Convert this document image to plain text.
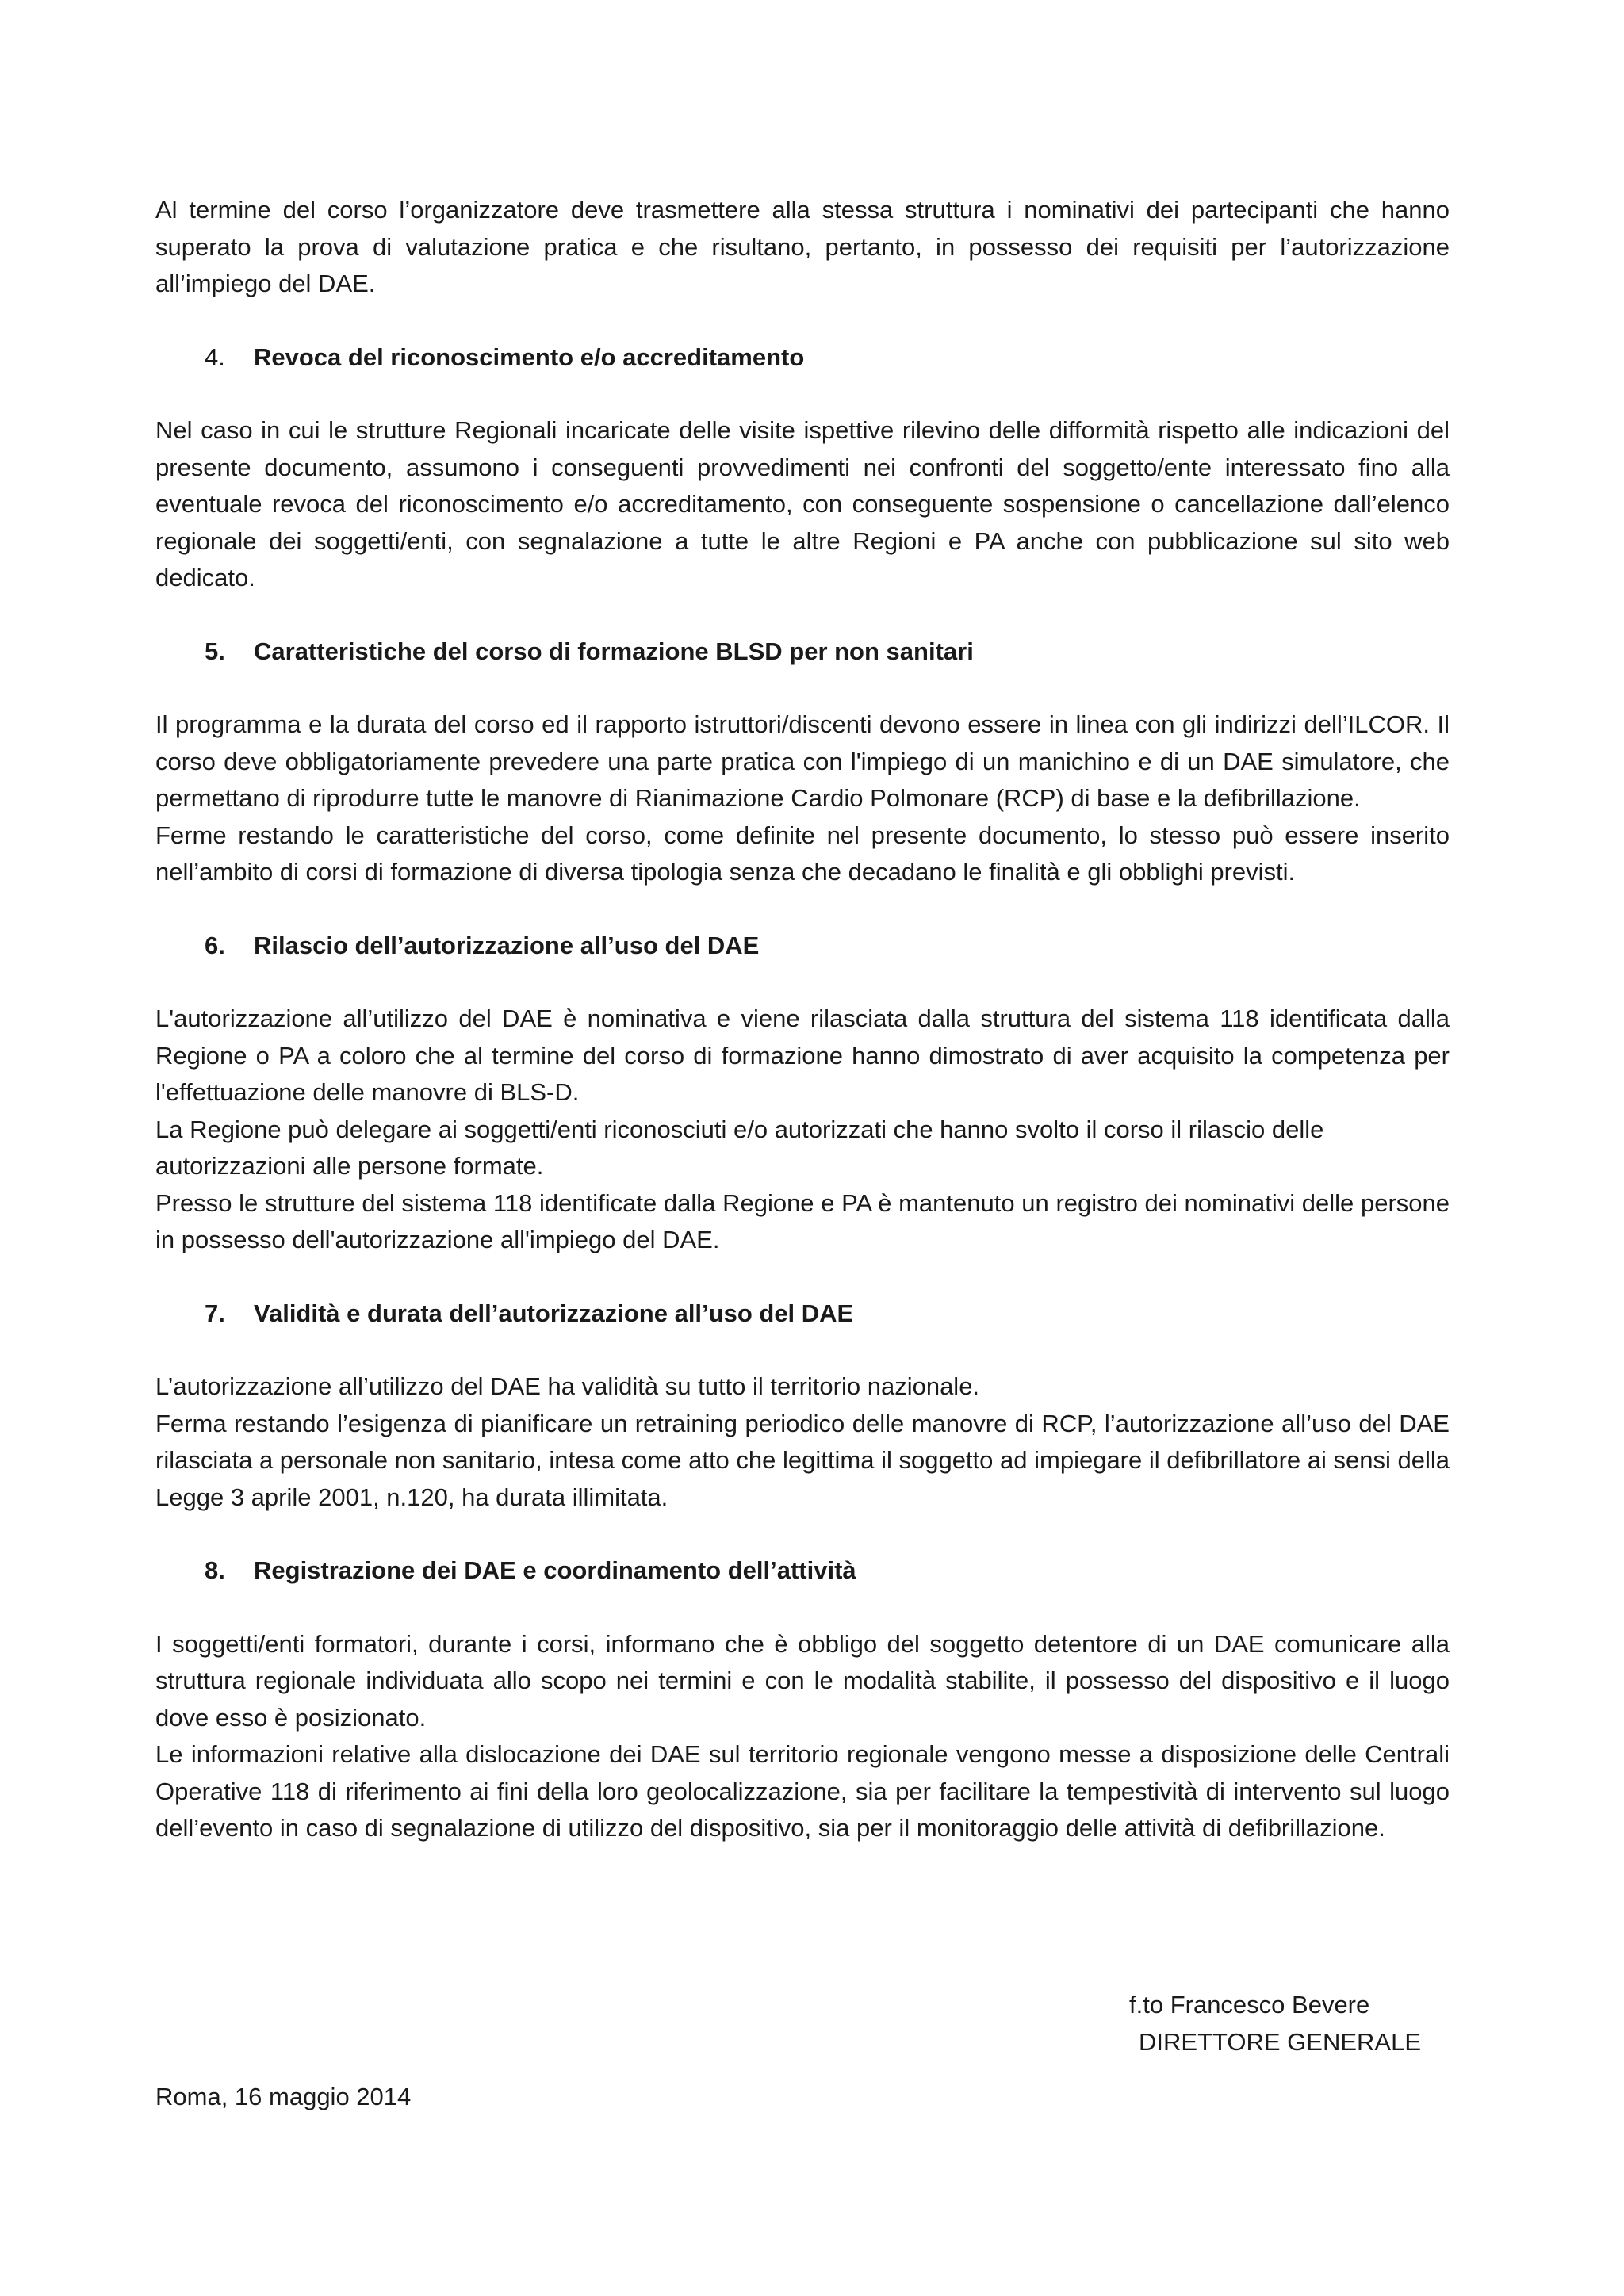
Al termine del corso l’organizzatore deve trasmettere alla stessa struttura i nominativi dei partecipanti che hanno superato la prova di valutazione pratica e che risultano, pertanto, in possesso dei requisiti per l’autorizzazione all’impiego del DAE.

4. Revoca del riconoscimento e/o accreditamento

Nel caso in cui le strutture Regionali incaricate delle visite ispettive rilevino delle difformità rispetto alle indicazioni del presente documento, assumono i conseguenti provvedimenti nei confronti del soggetto/ente interessato fino alla eventuale revoca del riconoscimento e/o accreditamento, con conseguente sospensione o cancellazione dall’elenco regionale dei soggetti/enti, con segnalazione a tutte le altre Regioni e PA anche con pubblicazione sul sito web dedicato.

5. Caratteristiche del corso di formazione BLSD per non sanitari

Il programma e la durata del corso ed il rapporto istruttori/discenti devono essere in linea con gli indirizzi dell’ILCOR. Il corso deve obbligatoriamente prevedere una parte pratica con l'impiego di un manichino e di un DAE simulatore, che permettano di riprodurre tutte le manovre di Rianimazione Cardio Polmonare (RCP) di base e la defibrillazione.

Ferme restando le caratteristiche del corso, come definite nel presente documento, lo stesso può essere inserito nell’ambito di corsi di formazione di diversa tipologia senza che decadano le finalità e gli obblighi previsti.

6. Rilascio dell’autorizzazione all’uso del DAE

L'autorizzazione all’utilizzo del DAE è nominativa e viene rilasciata dalla struttura del sistema 118 identificata dalla Regione o PA a coloro che al termine del corso di formazione hanno dimostrato di aver acquisito la competenza per l'effettuazione delle manovre di BLS-D.

La Regione può delegare ai soggetti/enti riconosciuti e/o autorizzati che hanno svolto il corso il rilascio delle autorizzazioni alle persone formate.

Presso le strutture del sistema 118 identificate dalla Regione e PA è mantenuto un registro dei nominativi delle persone in possesso dell'autorizzazione all'impiego del DAE.

7. Validità e durata dell’autorizzazione all’uso del DAE

L’autorizzazione all’utilizzo del DAE ha validità su tutto il territorio nazionale.

Ferma restando l’esigenza di pianificare un retraining periodico delle manovre di RCP, l’autorizzazione all’uso del DAE rilasciata a personale non sanitario, intesa come atto che legittima il soggetto ad impiegare il defibrillatore ai sensi della Legge 3 aprile 2001, n.120, ha durata illimitata.

8. Registrazione dei DAE e coordinamento dell’attività

I soggetti/enti formatori, durante i corsi, informano che è obbligo del soggetto detentore di un DAE comunicare alla struttura regionale individuata allo scopo nei termini e con le modalità stabilite, il possesso del dispositivo e il luogo dove esso è posizionato.

Le informazioni relative alla dislocazione dei DAE sul territorio regionale vengono messe a disposizione delle Centrali Operative 118 di riferimento ai fini della loro geolocalizzazione, sia per facilitare la tempestività di intervento sul luogo dell’evento in caso di segnalazione di utilizzo del dispositivo, sia per il monitoraggio delle attività di defibrillazione.

f.to Francesco Bevere
DIRETTORE GENERALE
Roma, 16 maggio 2014
